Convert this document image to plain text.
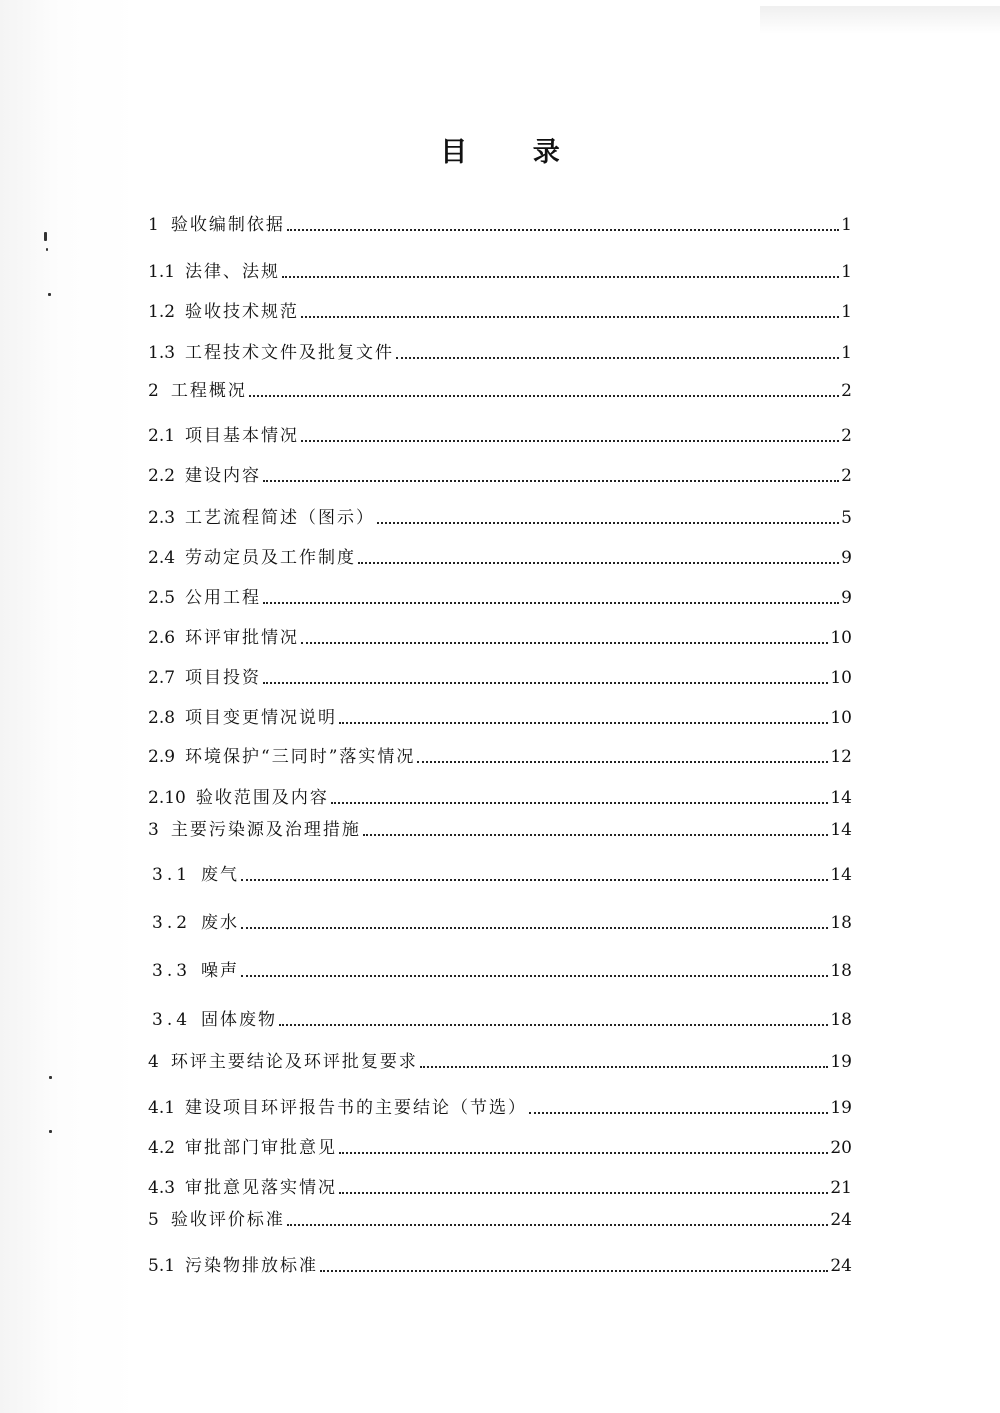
目 录
1 验收编制依据	1
1.1 法律、法规	1
1.2 验收技术规范	1
1.3 工程技术文件及批复文件	1
2 工程概况	2
2.1 项目基本情况	2
2.2 建设内容	2
2.3 工艺流程简述（图示）	5
2.4 劳动定员及工作制度	9
2.5 公用工程	9
2.6 环评审批情况	10
2.7 项目投资	10
2.8 项目变更情况说明	10
2.9 环境保护“三同时”落实情况	12
2.10 验收范围及内容	14
3 主要污染源及治理措施	14
3.1 废气	14
3.2 废水	18
3.3 噪声	18
3.4 固体废物	18
4 环评主要结论及环评批复要求	19
4.1 建设项目环评报告书的主要结论（节选）	19
4.2 审批部门审批意见	20
4.3 审批意见落实情况	21
5 验收评价标准	24
5.1 污染物排放标准	24
